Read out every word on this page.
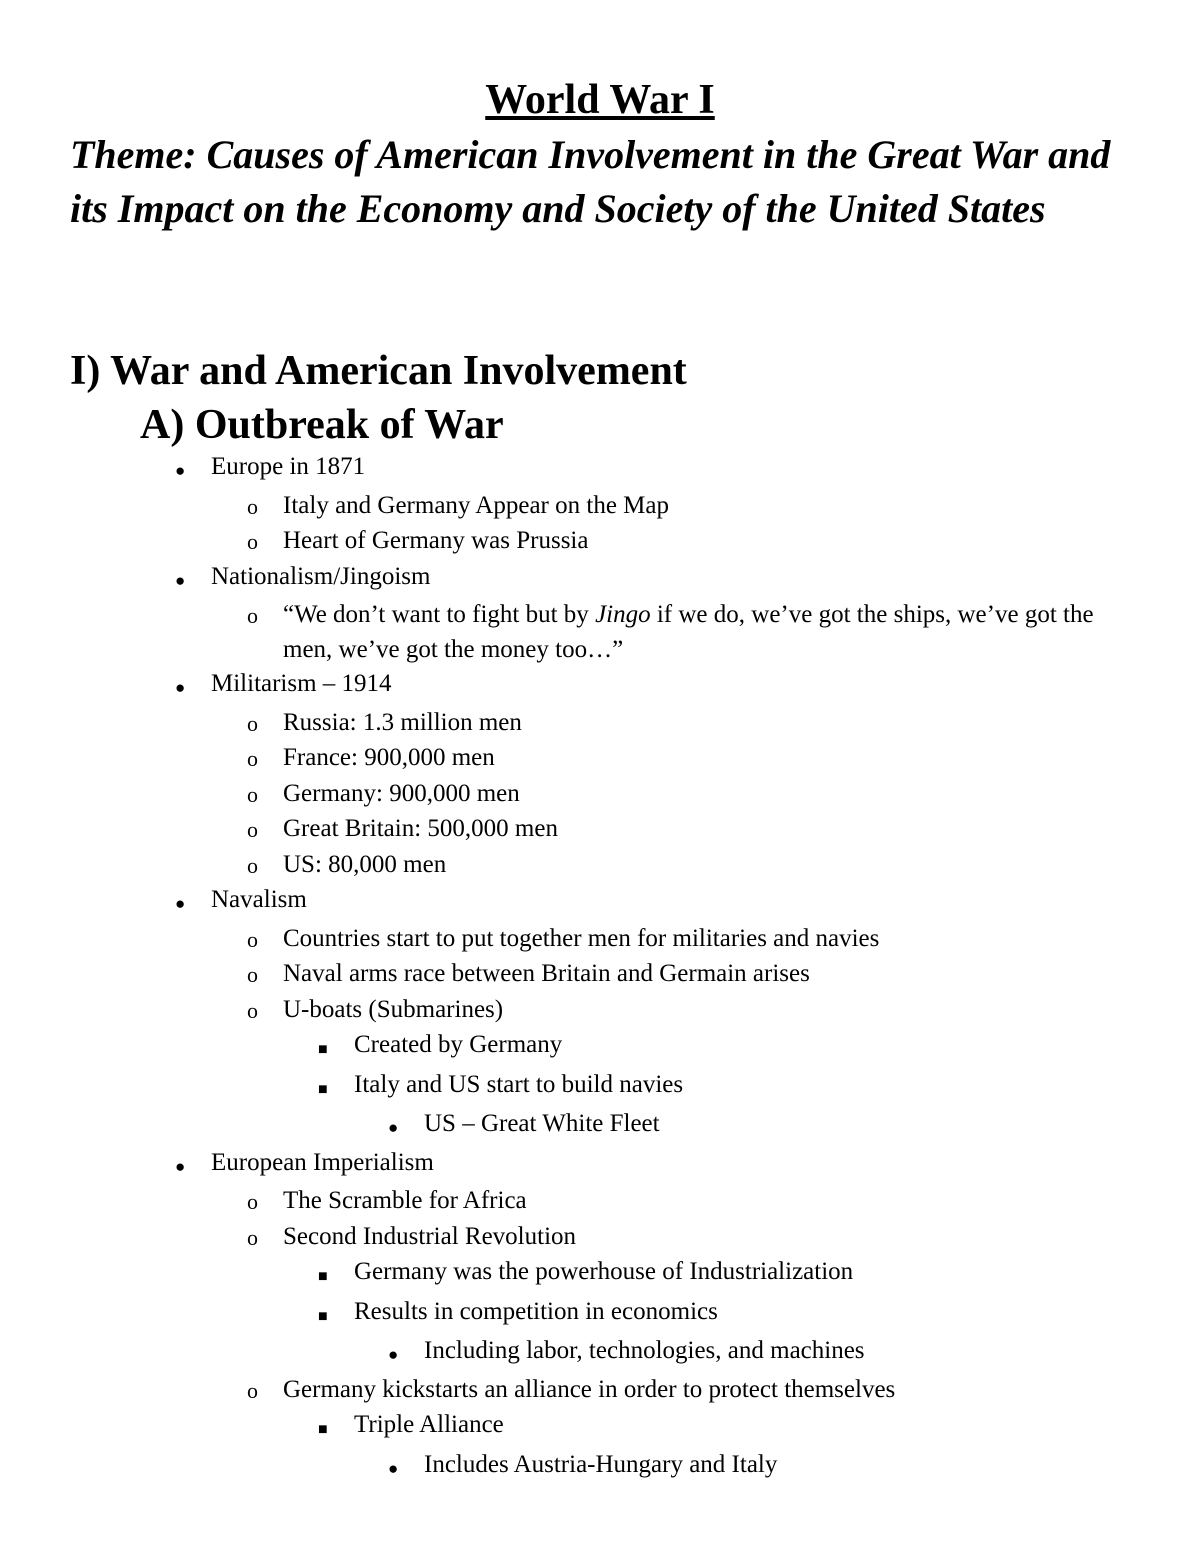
World War I
Theme: Causes of American Involvement in the Great War and its Impact on the Economy and Society of the United States
I) War and American Involvement
A) Outbreak of War
●
Europe in 1871
o
Italy and Germany Appear on the Map
o
Heart of Germany was Prussia
●
Nationalism/Jingoism
o
“We don’t want to fight but by Jingo if we do, we’ve got the ships, we’ve got the men, we’ve got the money too…”
●
Militarism – 1914
o
Russia: 1.3 million men
o
France: 900,000 men
o
Germany: 900,000 men
o
Great Britain: 500,000 men
o
US: 80,000 men
●
Navalism
o
Countries start to put together men for militaries and navies
o
Naval arms race between Britain and Germain arises
o
U-boats (Submarines)
■
Created by Germany
■
Italy and US start to build navies
●
US – Great White Fleet
●
European Imperialism
o
The Scramble for Africa
o
Second Industrial Revolution
■
Germany was the powerhouse of Industrialization
■
Results in competition in economics
●
Including labor, technologies, and machines
o
Germany kickstarts an alliance in order to protect themselves
■
Triple Alliance
●
Includes Austria-Hungary and Italy
